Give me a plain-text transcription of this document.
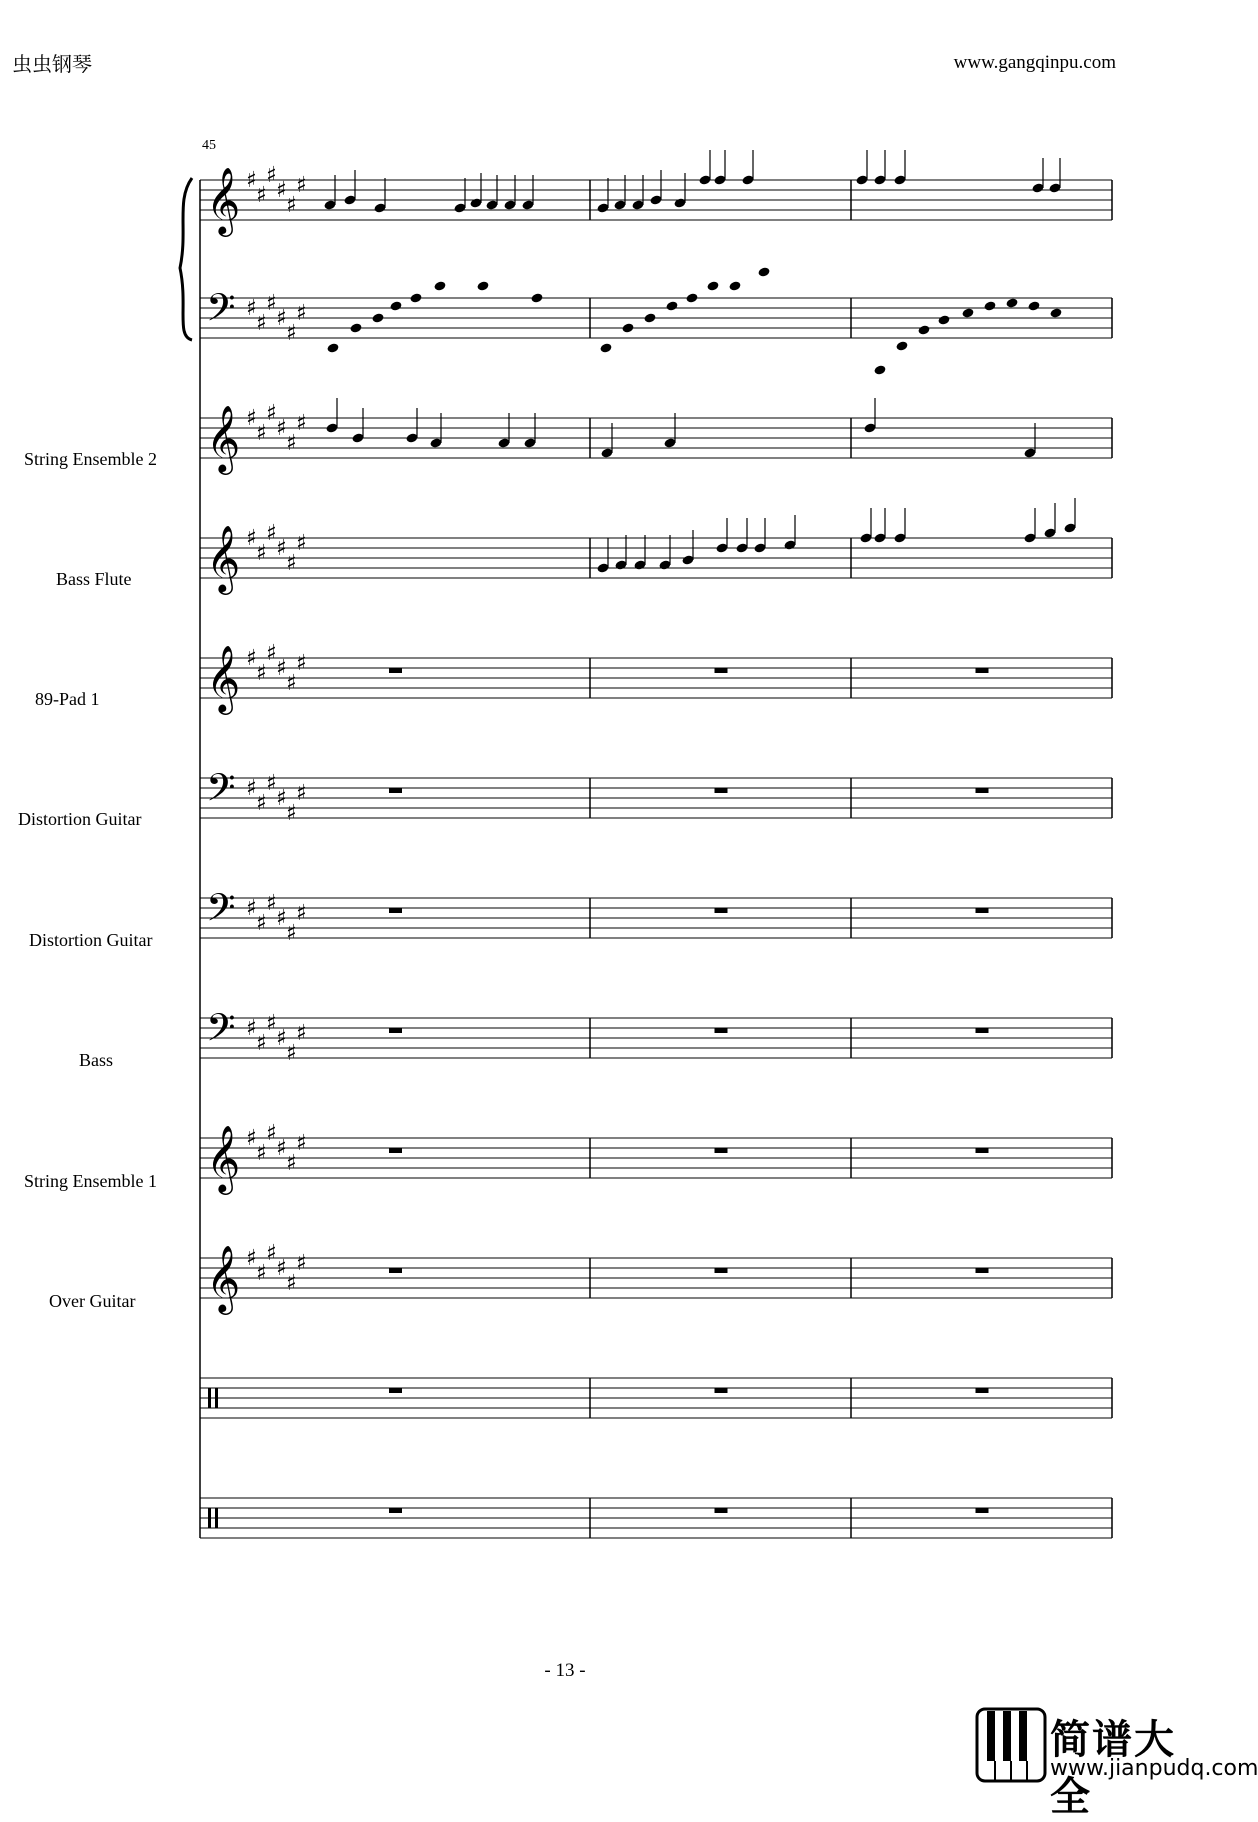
虫虫钢琴	www.gangqinpu.com
45
String Ensemble 2
Bass Flute
89-Pad 1
Distortion Guitar
Distortion Guitar
Bass
String Ensemble 1
Over Guitar
𝄞 ♯
♯
♯
♯
♯
♯
𝄢 ♯
♯
♯
♯
♯
♯
𝄞 ♯
♯
♯
♯
♯
♯
𝄞 ♯
♯
♯
♯
♯
♯
𝄞 ♯
♯
♯
♯
♯
♯
𝄢 ♯
♯
♯
♯
♯
♯
𝄢 ♯
♯
♯
♯
♯
♯
𝄢 ♯
♯
♯
♯
♯
♯
𝄞 ♯
♯
♯
♯
♯
♯
𝄞 ♯
♯
♯
♯
♯
♯
- 13 -
简谱大全
www.jianpudq.com
